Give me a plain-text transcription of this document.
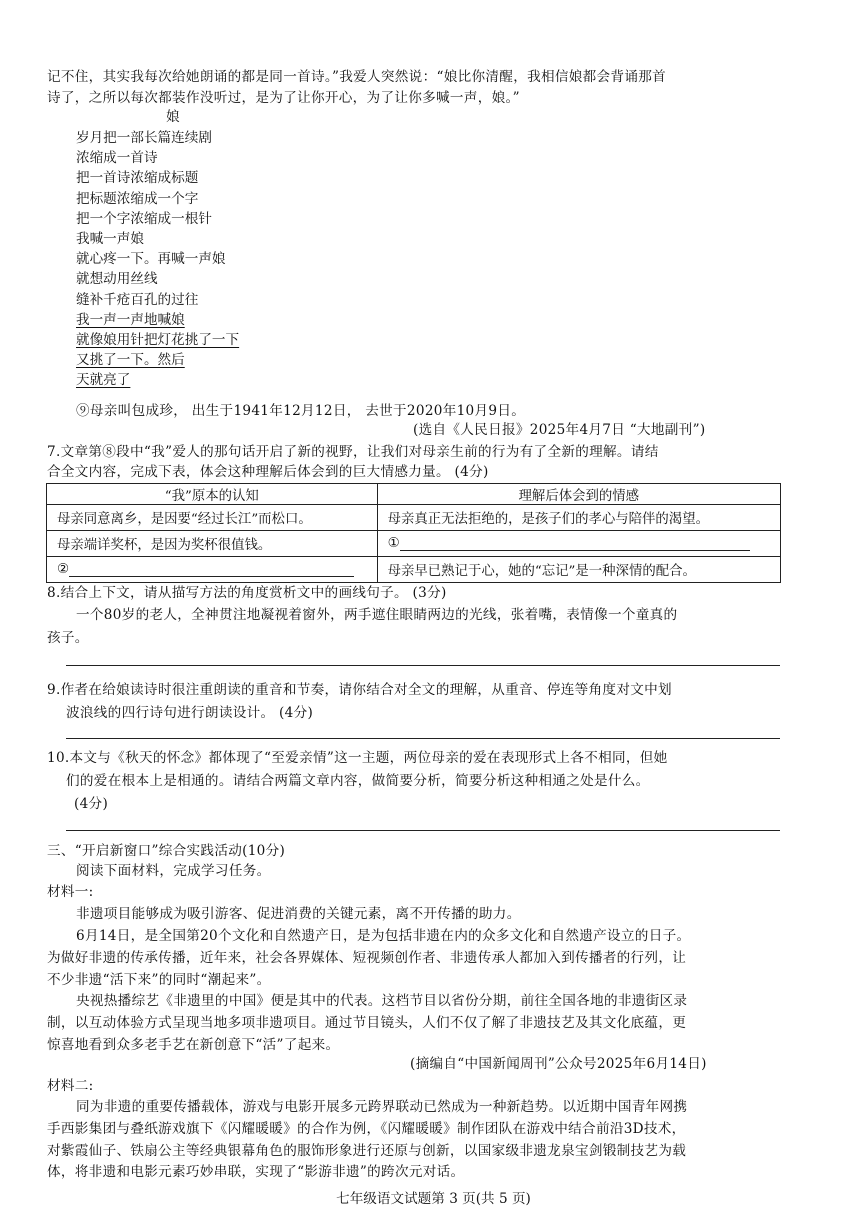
记不住，其实我每次给她朗诵的都是同一首诗。”我爱人突然说：“娘比你清醒，我相信娘都会背诵那首
诗了，之所以每次都装作没听过，是为了让你开心，为了让你多喊一声，娘。”
娘
岁月把一部长篇连续剧
浓缩成一首诗
把一首诗浓缩成标题
把标题浓缩成一个字
把一个字浓缩成一根针
我喊一声娘
就心疼一下。再喊一声娘
就想动用丝线
缝补千疮百孔的过往
我一声一声地喊娘
就像娘用针把灯花挑了一下
又挑了一下。然后
天就亮了
⑨母亲叫包成珍， 出生于1941年12月12日， 去世于2020年10月9日。
(选自《人民日报》2025年4月7日 “大地副刊”)
7.文章第⑧段中“我”爱人的那句话开启了新的视野，让我们对母亲生前的行为有了全新的理解。请结
合全文内容，完成下表，体会这种理解后体会到的巨大情感力量。 (4分)
“我”原本的认知	理解后体会到的情感
母亲同意离乡，是因要“经过长江”而松口。	母亲真正无法拒绝的，是孩子们的孝心与陪伴的渴望。
母亲端详奖杯，是因为奖杯很值钱。	①
②	母亲早已熟记于心，她的“忘记”是一种深情的配合。
8.结合上下文，请从描写方法的角度赏析文中的画线句子。 (3分)
一个80岁的老人，全神贯注地凝视着窗外，两手遮住眼睛两边的光线，张着嘴，表情像一个童真的
孩子。
9.作者在给娘读诗时很注重朗读的重音和节奏，请你结合对全文的理解，从重音、停连等角度对文中划
波浪线的四行诗句进行朗读设计。 (4分)
10.本文与《秋天的怀念》都体现了“至爱亲情”这一主题，两位母亲的爱在表现形式上各不相同，但她
们的爱在根本上是相通的。请结合两篇文章内容，做简要分析，简要分析这种相通之处是什么。
(4分)
三、“开启新窗口”综合实践活动(10分)
阅读下面材料，完成学习任务。
材料一:
非遗项目能够成为吸引游客、促进消费的关键元素，离不开传播的助力。
6月14日，是全国第20个文化和自然遗产日，是为包括非遗在内的众多文化和自然遗产设立的日子。
为做好非遗的传承传播，近年来，社会各界媒体、短视频创作者、非遗传承人都加入到传播者的行列，让
不少非遗“活下来”的同时“潮起来”。
央视热播综艺《非遗里的中国》便是其中的代表。这档节目以省份分期，前往全国各地的非遗街区录
制，以互动体验方式呈现当地多项非遗项目。通过节目镜头，人们不仅了解了非遗技艺及其文化底蕴，更
惊喜地看到众多老手艺在新创意下“活”了起来。
(摘编自“中国新闻周刊”公众号2025年6月14日)
材料二:
同为非遗的重要传播载体，游戏与电影开展多元跨界联动已然成为一种新趋势。以近期中国青年网携
手西影集团与叠纸游戏旗下《闪耀暖暖》的合作为例，《闪耀暖暖》制作团队在游戏中结合前沿3D技术，
对紫霞仙子、铁扇公主等经典银幕角色的服饰形象进行还原与创新，以国家级非遗龙泉宝剑锻制技艺为载
体，将非遗和电影元素巧妙串联，实现了“影游非遗”的跨次元对话。
七年级语文试题第 3 页(共 5 页)
